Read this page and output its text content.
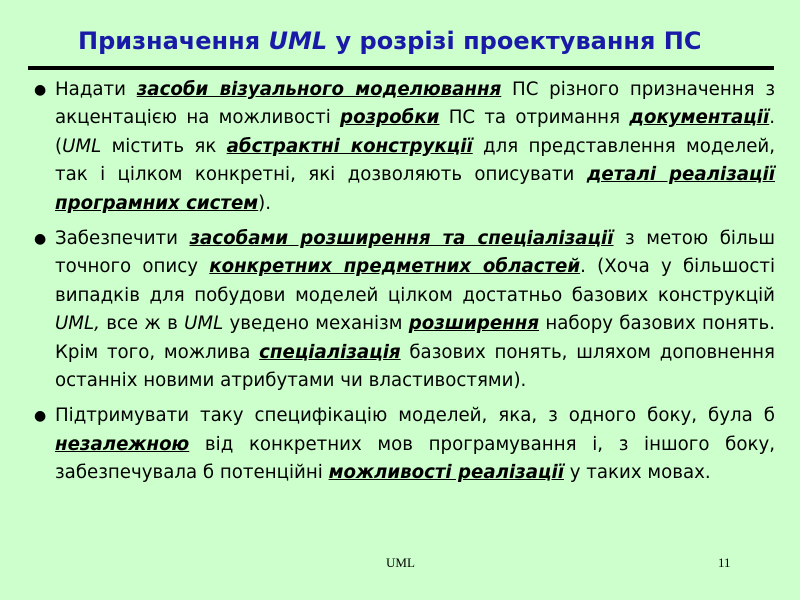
Призначення UML у розрізі проектування ПС
● Надати засоби візуального моделювання ПС різного призначення з акцентацією на можливості розробки ПС та отримання документації. (UML містить як абстрактні конструкції для представлення моделей, так і цілком конкретні, які дозволяють описувати деталі реалізації програмних систем).
● Забезпечити засобами розширення та спеціалізації з метою більш точного опису конкретних предметних областей. (Хоча у більшості випадків для побудови моделей цілком достатньо базових конструкцій UML, все ж в UML уведено механізм розширення набору базових понять. Крім того, можлива спеціалізація базових понять, шляхом доповнення останніх новими атрибутами чи властивостями).
● Підтримувати таку специфікацію моделей, яка, з одного боку, була б незалежною від конкретних мов програмування і, з іншого боку, забезпечувала б потенційні можливості реалізації у таких мовах.
UML	11
